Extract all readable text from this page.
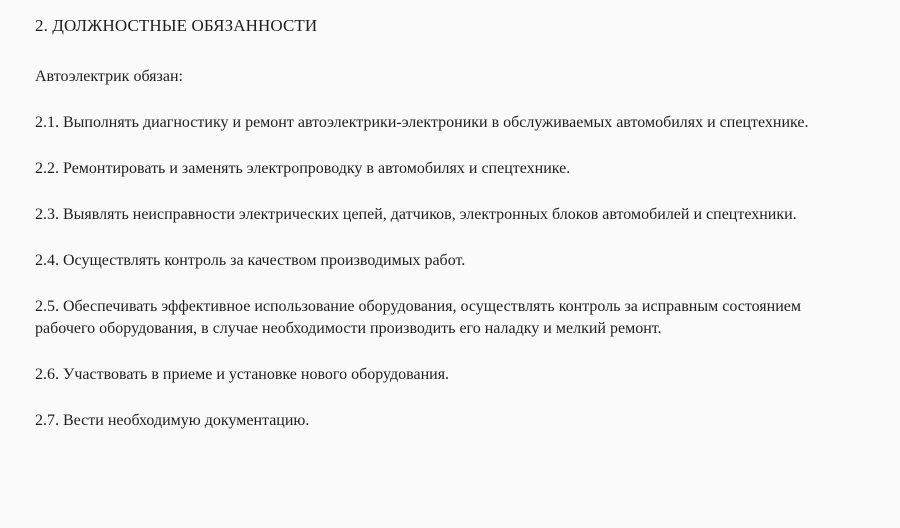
2. ДОЛЖНОСТНЫЕ ОБЯЗАННОСТИ
Автоэлектрик обязан:
2.1. Выполнять диагностику и ремонт автоэлектрики-электроники в обслуживаемых автомобилях и спецтехнике.
2.2. Ремонтировать и заменять электропроводку в автомобилях и спецтехнике.
2.3. Выявлять неисправности электрических цепей, датчиков, электронных блоков автомобилей и спецтехники.
2.4. Осуществлять контроль за качеством производимых работ.
2.5. Обеспечивать эффективное использование оборудования, осуществлять контроль за исправным состоянием рабочего оборудования, в случае необходимости производить его наладку и мелкий ремонт.
2.6. Участвовать в приеме и установке нового оборудования.
2.7. Вести необходимую документацию.
